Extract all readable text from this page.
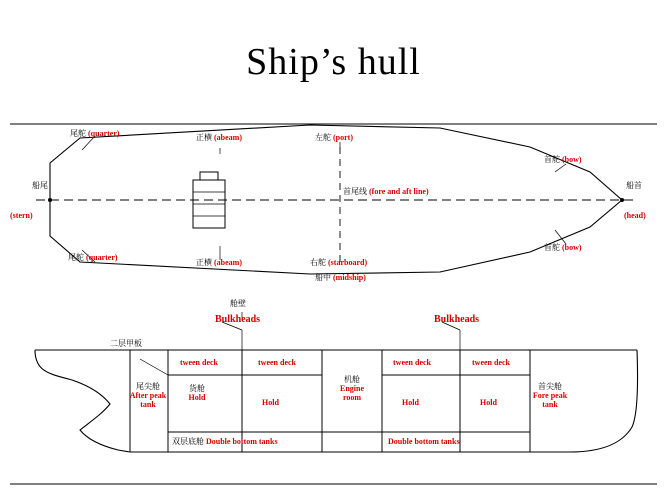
Ship’s hull
尾舵 (quarter)	正横 (abeam)	左舵 (port)
首舵 (bow)
首尾线 (fore and aft line)
尾舵 (quarter)
正横 (abeam)	右舵 (starboard)
船中 (midship)
首舵 (bow)
船尾
(stern)
船首
(head)
舱壁
Bulkheads	Bulkheads
二层甲板
tween deck	tween deck	tween deck	tween deck
尾尖舱
After peak tank
首尖舱
Fore peak tank
货舱
Hold
Hold	Hold	Hold
机舱
Engine room
双层底舱 Double bottom tanks	Double bottom tanks
